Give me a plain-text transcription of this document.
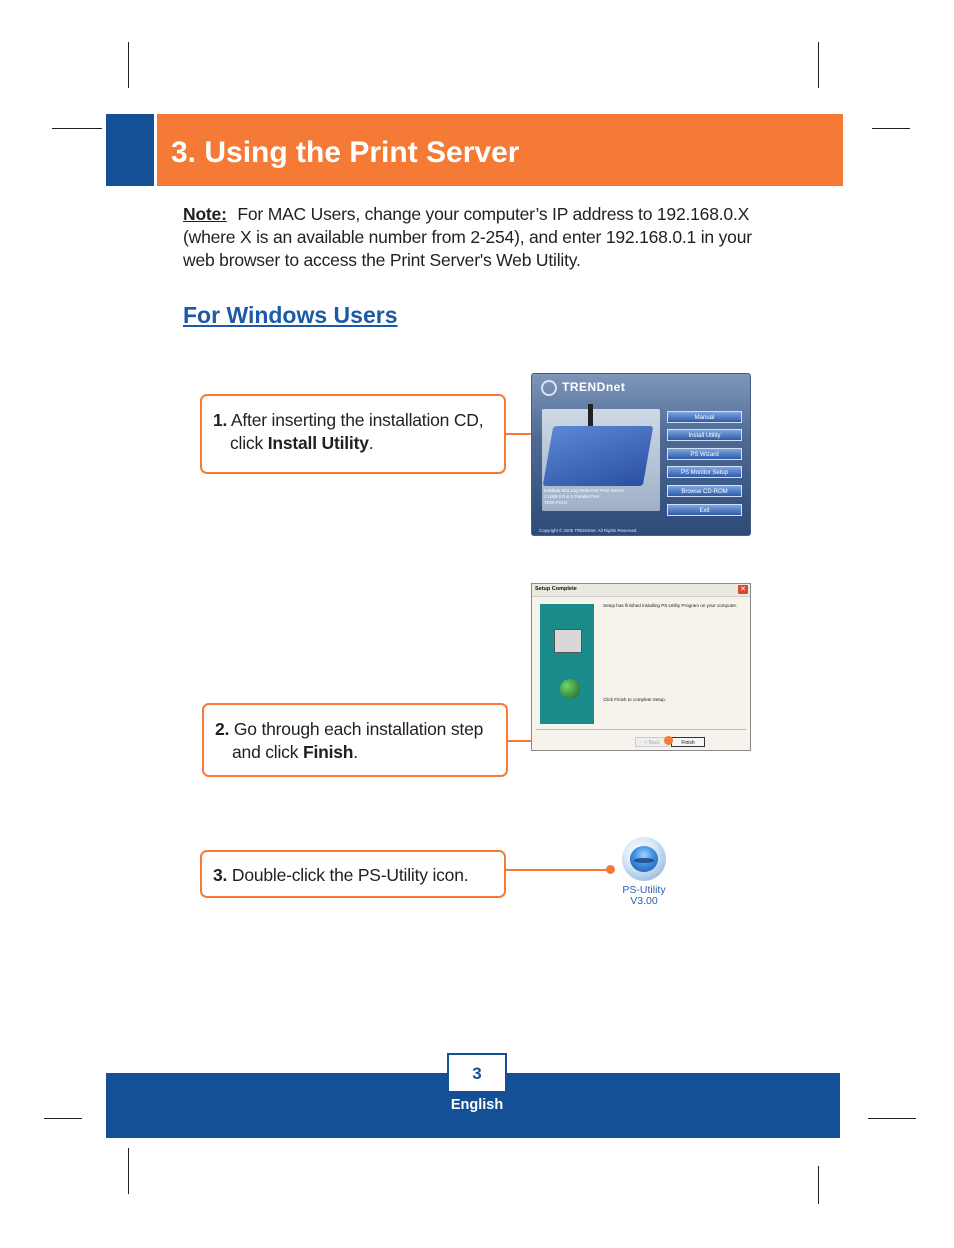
3. Using the Print Server
Note: For MAC Users, change your computer’s IP address to 192.168.0.X (where X is an available number from 2-254), and enter 192.168.0.1 in your web browser to access the Print Server's Web Utility.
For Windows Users
1. After inserting the installation CD, click Install Utility.
TRENDnet
54Mbps 802.11g Multi-Port Print Server
2 USB 2.0 & 1 Parallel Port
TEW-P21G
Manual
Install Utility
PS Wizard
PS Monitor Setup
Browse CD-ROM
Exit
Copyright © 2005 TRENDnet. All Rights Reserved.
2. Go through each installation step and click Finish.
Setup Complete	✕
Setup has finished installing PS-Utility Program on your computer.
Click Finish to complete Setup.
< Back	Finish
3. Double-click the PS-Utility icon.
PS-Utility
V3.00
3
English
